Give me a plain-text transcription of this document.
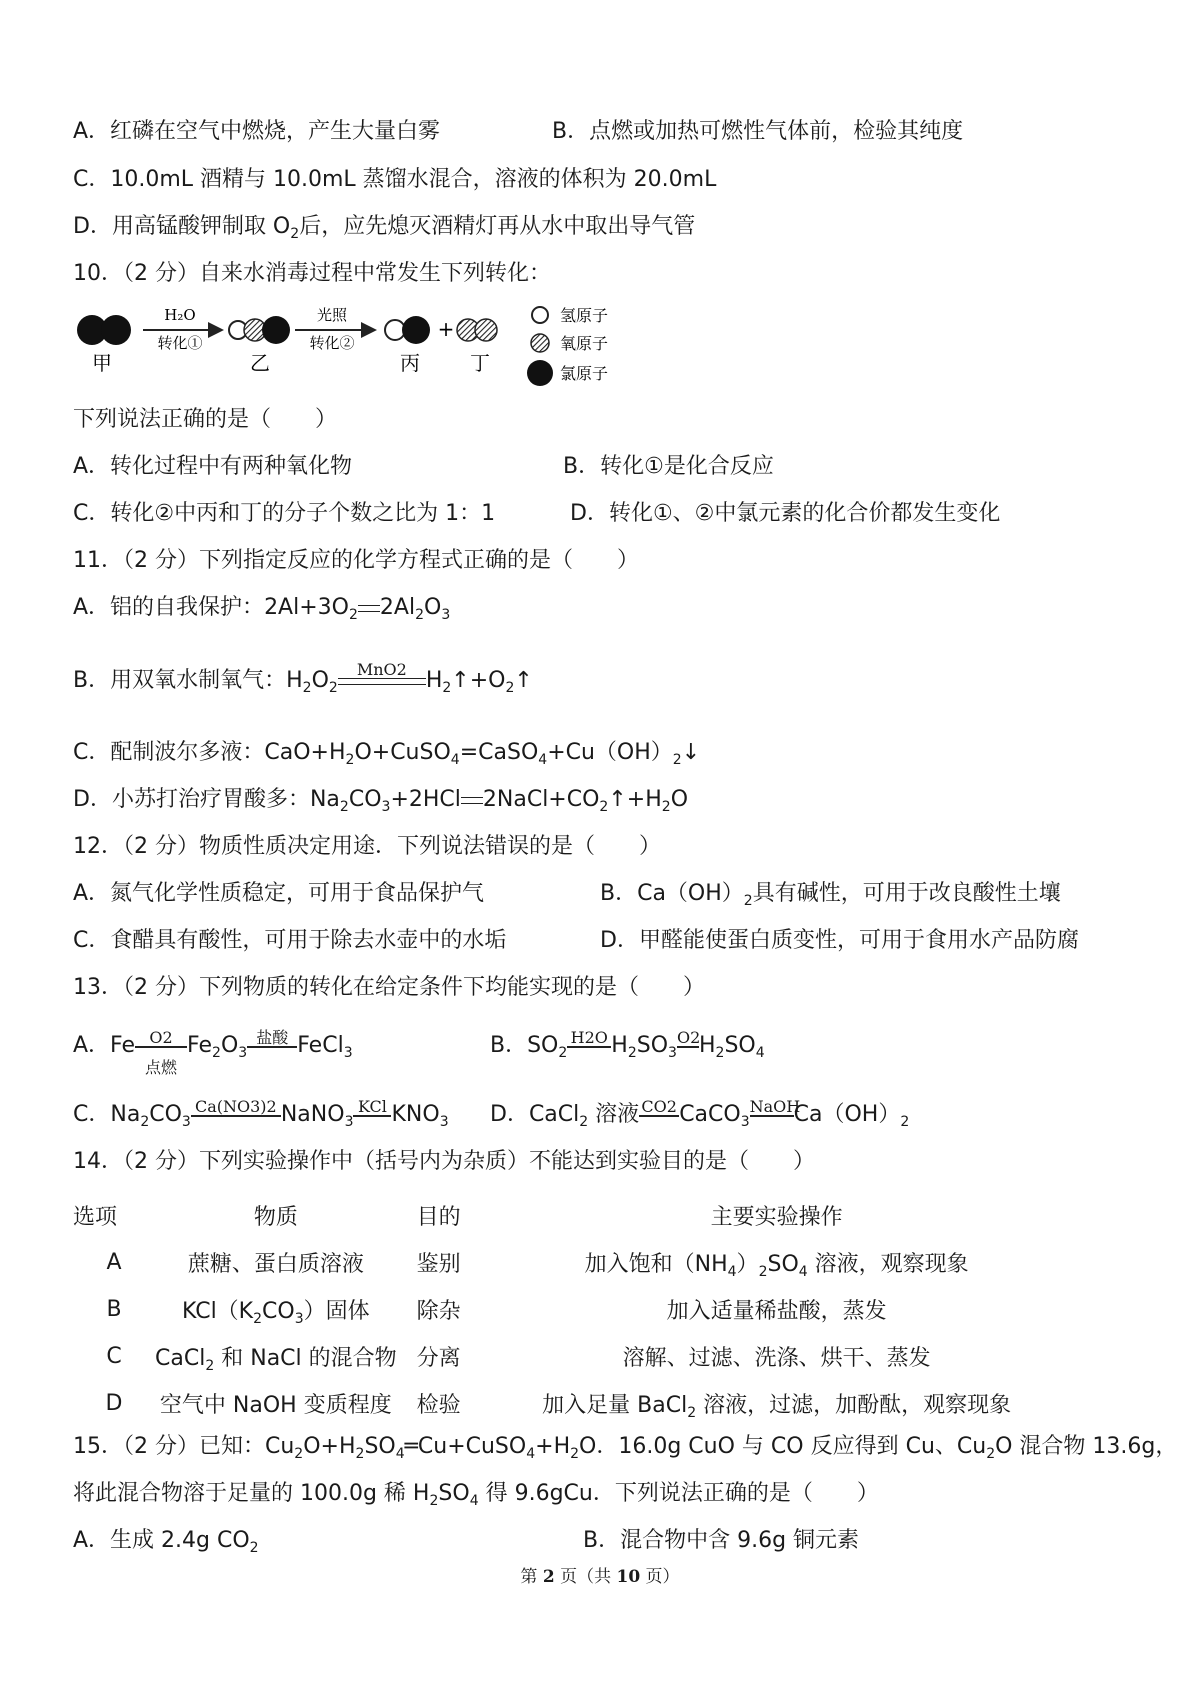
A．红磷在空气中燃烧，产生大量白雾	B．点燃或加热可燃性气体前，检验其纯度
C．10.0mL 酒精与 10.0mL 蒸馏水混合，溶液的体积为 20.0mL
D．用高锰酸钾制取 $O_2$后，应先熄灭酒精灯再从水中取出导气管
10．（2 分）自来水消毒过程中常发生下列转化：
甲
H₂O
转化①
乙
光照
转化②
丙
+
丁
氢原子
氧原子
氯原子
下列说法正确的是（　　）
A．转化过程中有两种氧化物	B．转化①是化合反应
C．转化②中丙和丁的分子个数之比为 1：1	D．转化①、②中氯元素的化合价都发生变化
11．（2 分）下列指定反应的化学方程式正确的是（　　）
A．铝的自我保护：$2Al+3O_2$ $2Al_2O_3$
B．用双氧水制氧气：$H_2O_2$
MnO2 $H_2↑+O_2↑$
C．配制波尔多液：$CaO+H_2O+CuSO_4=CaSO_4+Cu(OH)_2↓$
D．小苏打治疗胃酸多：$Na_2CO_3+2HCl$ $2NaCl+CO_2↑+H_2O$
12．（2 分）物质性质决定用途．下列说法错误的是（　　）
A．氮气化学性质稳定，可用于食品保护气	B．$Ca(OH)_2$具有碱性，可用于改良酸性土壤
C．食醋具有酸性，可用于除去水壶中的水垢	D．甲醛能使蛋白质变性，可用于食用水产品防腐
13．（2 分）下列物质的转化在给定条件下均能实现的是（　　）
A．Fe O2
点燃
$Fe_2O_3$
盐酸 FeCl$_3$	B．$SO_2$
H2O $H_2SO_3$
O2
$H_2SO_4$
C．$Na_2CO_3$
Ca(NO3)2 NaNO$_3$
KCl $KNO_3$ D．CaCl$_2$ 溶液 CO2 CaCO$_3$
NaOH
$Ca(OH)_2$
14．（2 分）下列实验操作中（括号内为杂质）不能达到实验目的是（　　）
选项	物质	目的	主要实验操作
A	蔗糖、蛋白质溶液	鉴别	加入饱和$(NH_4)_2SO_4$ 溶液，观察现象
B	$KCl(K_2CO_3)$固体	除杂	加入适量稀盐酸，蒸发
C	CaCl$_2$ 和 NaCl 的混合物	分离	溶解、过滤、洗涤、烘干、蒸发
D	空气中 NaOH 变质程度	检验	加入足量 BaCl$_2$ 溶液，过滤，加酚酞，观察现象
15．（2 分）已知：$Cu_2O+H_2SO_4═Cu+CuSO_4+H_2O$．16.0g CuO 与 CO 反应得到 Cu、$Cu_2O$ 混合物 13.6g，
将此混合物溶于足量的 100.0g 稀 $H_2SO_4$ 得 9.6gCu．下列说法正确的是（　　）
A．生成 2.4g $CO_2$	B．混合物中含 9.6g 铜元素
第 2 页（共 10 页）
